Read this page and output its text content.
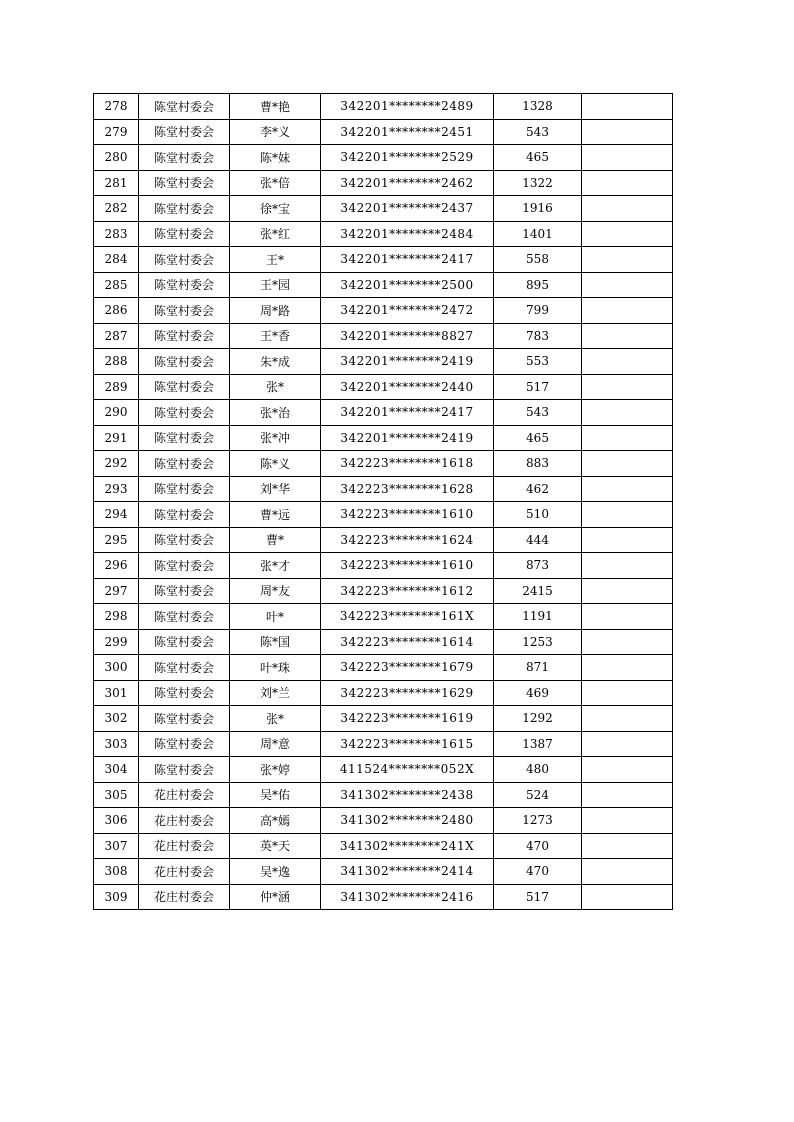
278	陈堂村委会	曹*艳	342201********2489	1328	
279	陈堂村委会	李*义	342201********2451	543	
280	陈堂村委会	陈*妹	342201********2529	465	
281	陈堂村委会	张*倍	342201********2462	1322	
282	陈堂村委会	徐*宝	342201********2437	1916	
283	陈堂村委会	张*红	342201********2484	1401	
284	陈堂村委会	王*	342201********2417	558	
285	陈堂村委会	王*园	342201********2500	895	
286	陈堂村委会	周*路	342201********2472	799	
287	陈堂村委会	王*香	342201********8827	783	
288	陈堂村委会	朱*成	342201********2419	553	
289	陈堂村委会	张*	342201********2440	517	
290	陈堂村委会	张*治	342201********2417	543	
291	陈堂村委会	张*冲	342201********2419	465	
292	陈堂村委会	陈*义	342223********1618	883	
293	陈堂村委会	刘*华	342223********1628	462	
294	陈堂村委会	曹*远	342223********1610	510	
295	陈堂村委会	曹*	342223********1624	444	
296	陈堂村委会	张*才	342223********1610	873	
297	陈堂村委会	周*友	342223********1612	2415	
298	陈堂村委会	叶*	342223********161X	1191	
299	陈堂村委会	陈*国	342223********1614	1253	
300	陈堂村委会	叶*珠	342223********1679	871	
301	陈堂村委会	刘*兰	342223********1629	469	
302	陈堂村委会	张*	342223********1619	1292	
303	陈堂村委会	周*意	342223********1615	1387	
304	陈堂村委会	张*婷	411524********052X	480	
305	花庄村委会	吴*佑	341302********2438	524	
306	花庄村委会	高*嫣	341302********2480	1273	
307	花庄村委会	英*天	341302********241X	470	
308	花庄村委会	吴*逸	341302********2414	470	
309	花庄村委会	仲*涵	341302********2416	517	
